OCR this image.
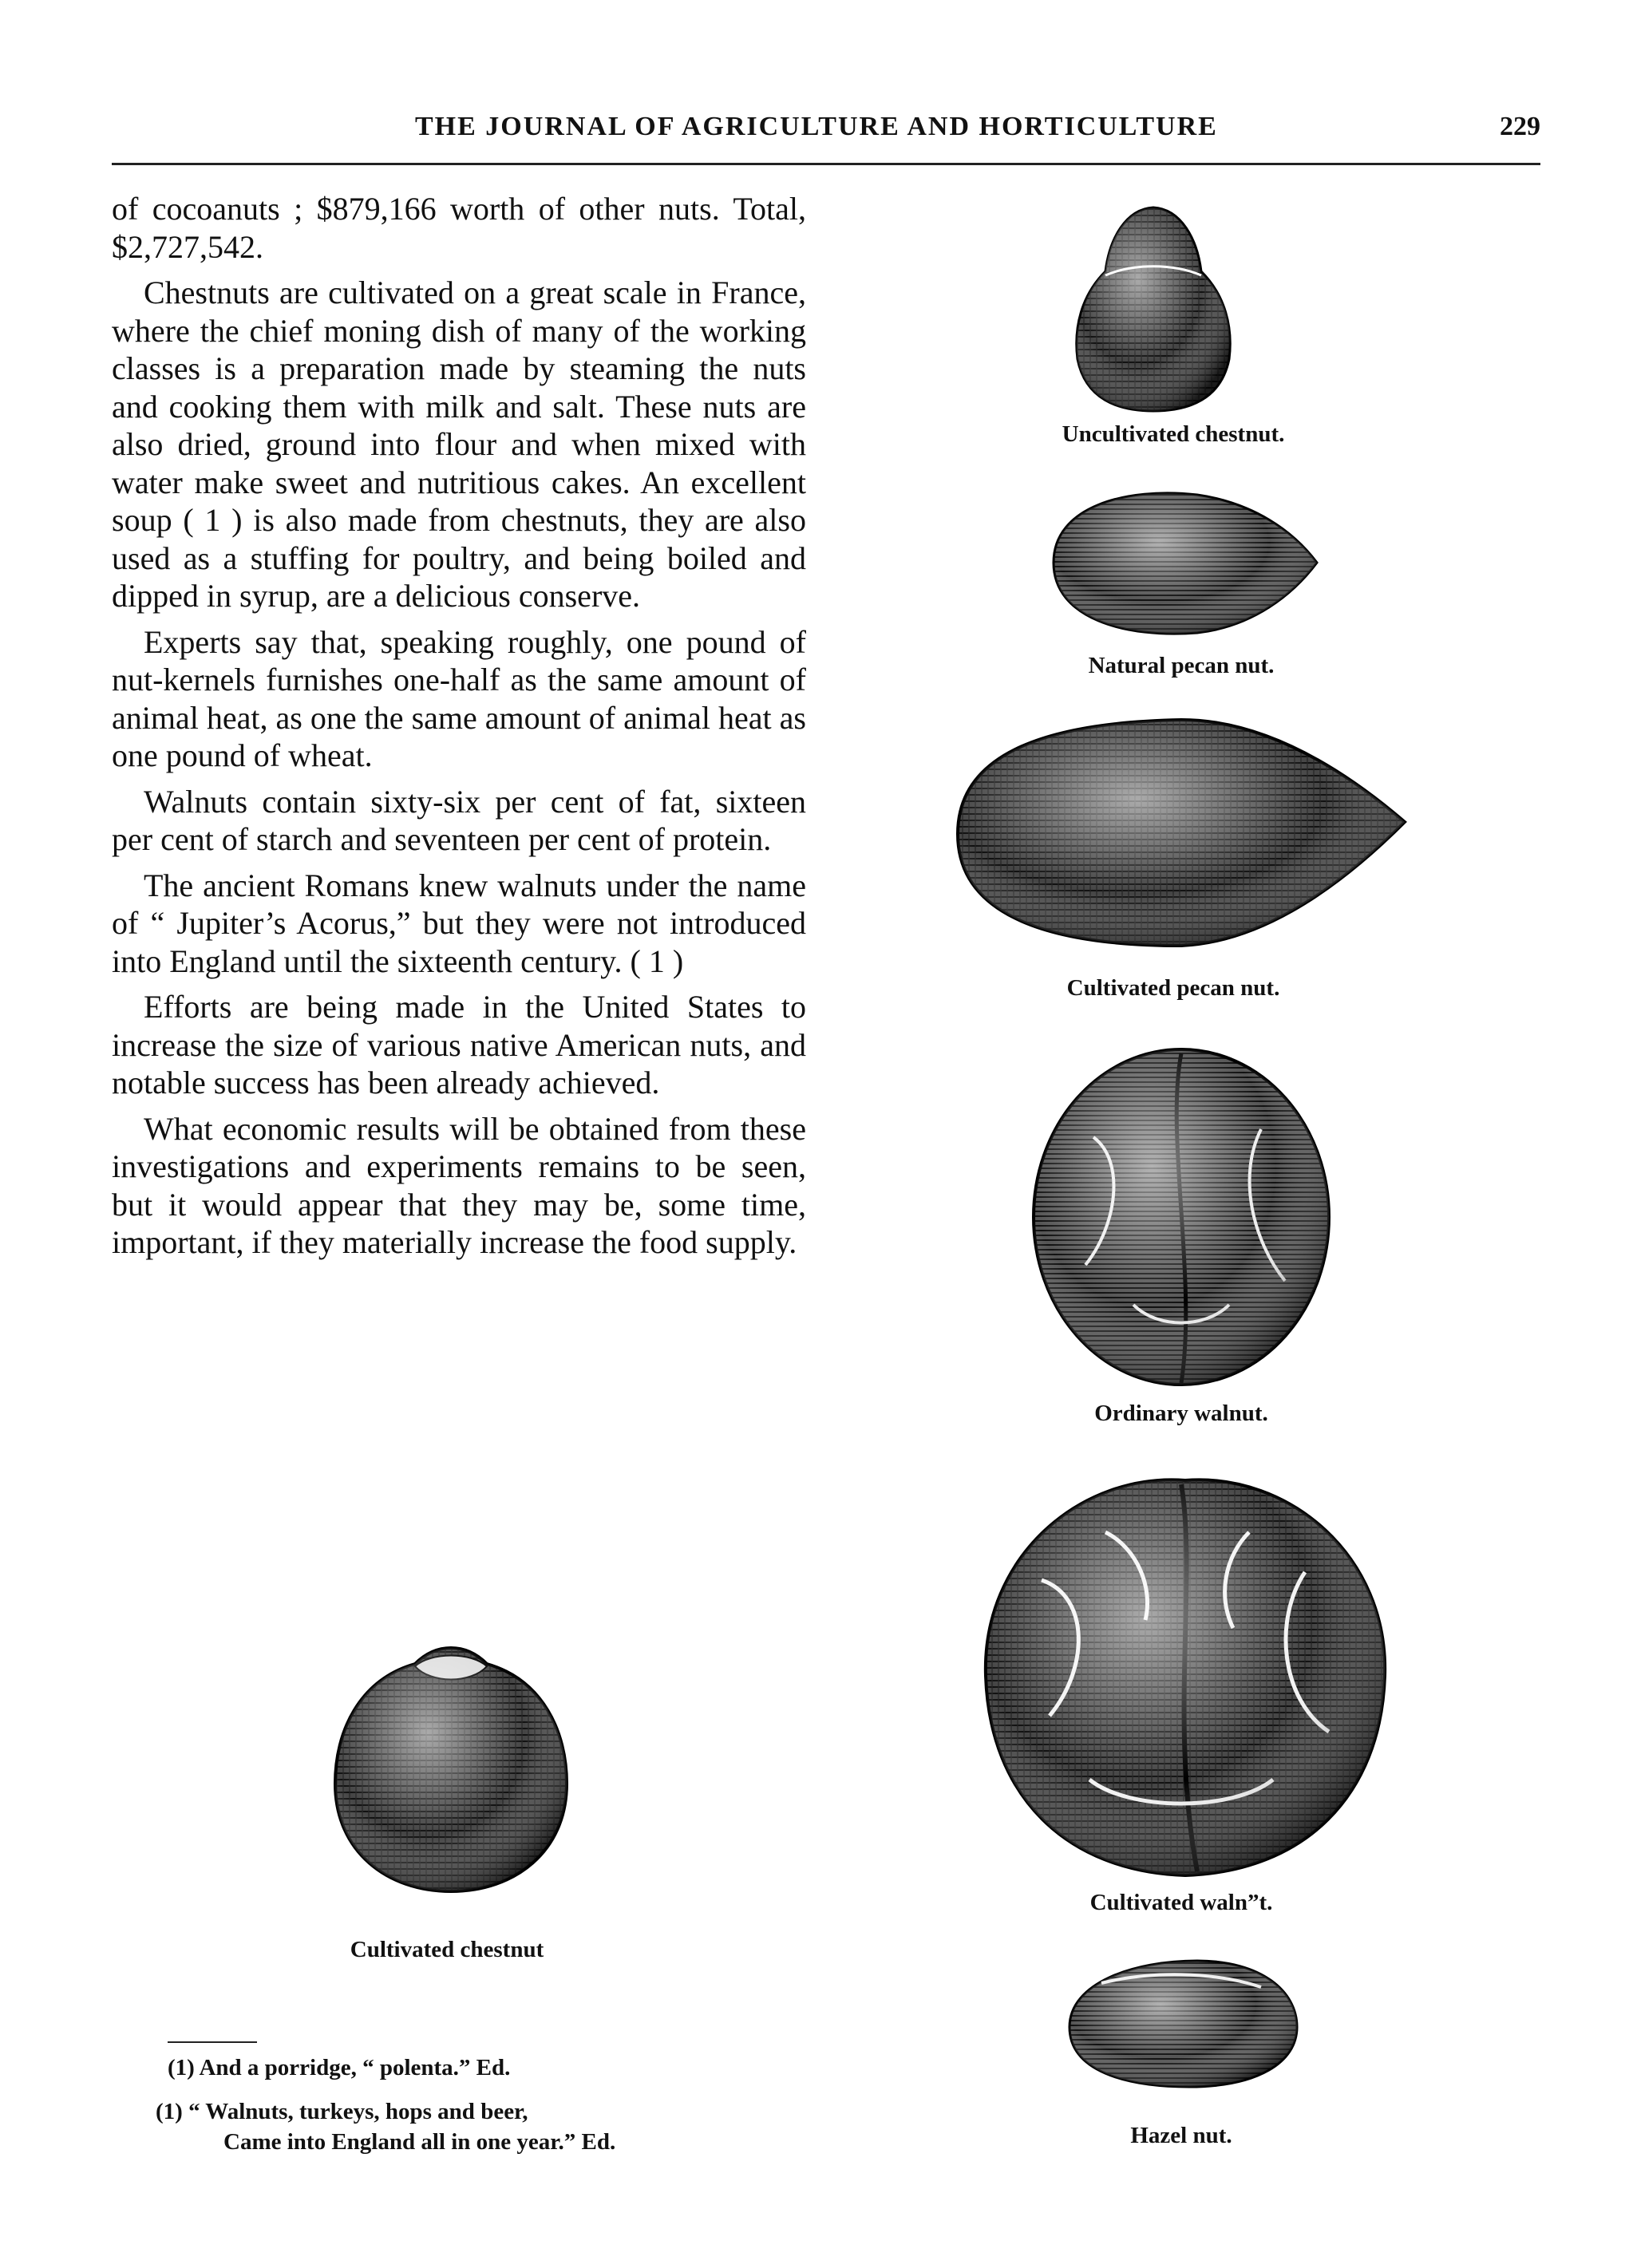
THE JOURNAL OF AGRICULTURE AND HORTICULTURE	229

of cocoanuts ; $879,166 worth of other nuts. Total, $2,727,542.

Chestnuts are cultivated on a great scale in France, where the chief moning dish of many of the working classes is a preparation made by steaming the nuts and cooking them with milk and salt. These nuts are also dried, ground into flour and when mixed with water make sweet and nutritious cakes. An excellent soup ( 1 ) is also made from chestnuts, they are also used as a stuffing for poultry, and being boiled and dipped in syrup, are a delicious conserve.

Experts say that, speaking roughly, one pound of nut-kernels furnishes one-half as the same amount of animal heat, as one the same amount of animal heat as one pound of wheat.

Walnuts contain sixty-six per cent of fat, sixteen per cent of starch and seventeen per cent of protein.

The ancient Romans knew walnuts under the name of “ Jupiter’s Acorus,” but they were not introduced into England until the sixteenth century. ( 1 )

Efforts are being made in the United States to increase the size of various native American nuts, and notable success has been already achieved.

What economic results will be obtained from these investigations and experiments remains to be seen, but it would appear that they may be, some time, important, if they materially increase the food supply.

Uncultivated chestnut.
Natural pecan nut.
Cultivated pecan nut.
Ordinary walnut.
Cultivated waln”t.
Hazel nut.
Cultivated chestnut
(1) And a porridge, “ polenta.” Ed.
(1) “ Walnuts, turkeys, hops and beer,
Came into England all in one year.” Ed.
